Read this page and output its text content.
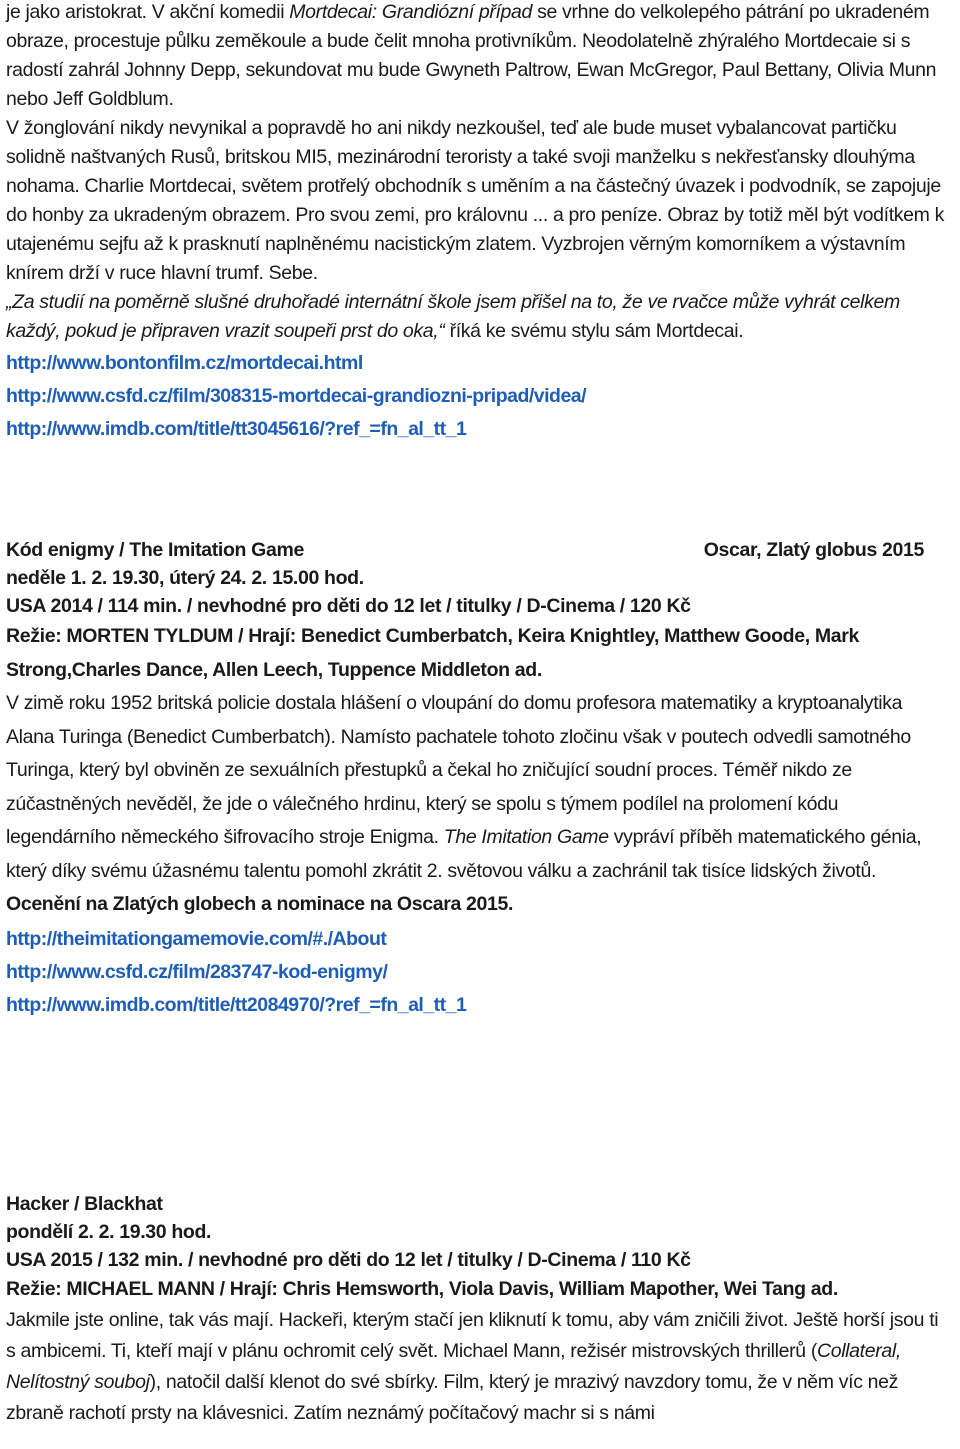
je jako aristokrat. V akční komedii Mortdecai: Grandiózní případ se vrhne do velkolepého pátrání po ukradeném obraze, procestuje půlku zeměkoule a bude čelit mnoha protivníkům. Neodolatelně zhýralého Mortdecaie si s radostí zahrál Johnny Depp, sekundovat mu bude Gwyneth Paltrow, Ewan McGregor, Paul Bettany, Olivia Munn nebo Jeff Goldblum.

V žonglování nikdy nevynikal a popravdě ho ani nikdy nezkoušel, teď ale bude muset vybalancovat partičku solidně naštvaných Rusů, britskou MI5, mezinárodní teroristy a také svoji manželku s nekřesťansky dlouhýma nohama. Charlie Mortdecai, světem protřelý obchodník s uměním a na částečný úvazek i podvodník, se zapojuje do honby za ukradeným obrazem. Pro svou zemi, pro královnu ... a pro peníze. Obraz by totiž měl být vodítkem k utajenému sejfu až k prasknutí naplněnému nacistickým zlatem. Vyzbrojen věrným komorníkem a výstavním knírem drží v ruce hlavní trumf. Sebe.

„Za studií na poměrně slušné druhořadé internátní škole jsem přišel na to, že ve rvačce může vyhrát celkem každý, pokud je připraven vrazit soupeři prst do oka,“ říká ke svému stylu sám Mortdecai.

http://www.bontonfilm.cz/mortdecai.html
http://www.csfd.cz/film/308315-mortdecai-grandiozni-pripad/videa/
http://www.imdb.com/title/tt3045616/?ref_=fn_al_tt_1
Kód enigmy / The Imitation Game	Oscar, Zlatý globus 2015
neděle 1. 2. 19.30, úterý 24. 2. 15.00 hod.
USA 2014 / 114 min. / nevhodné pro děti do 12 let / titulky / D-Cinema / 120 Kč
Režie: MORTEN TYLDUM / Hrají: Benedict Cumberbatch, Keira Knightley, Matthew Goode, Mark Strong,Charles Dance, Allen Leech, Tuppence Middleton ad.

V zimě roku 1952 britská policie dostala hlášení o vloupání do domu profesora matematiky a kryptoanalytika Alana Turinga (Benedict Cumberbatch). Namísto pachatele tohoto zločinu však v poutech odvedli samotného Turinga, který byl obviněn ze sexuálních přestupků a čekal ho zničující soudní proces. Téměř nikdo ze zúčastněných nevěděl, že jde o válečného hrdinu, který se spolu s týmem podílel na prolomení kódu legendárního německého šifrovacího stroje Enigma. The Imitation Game vypráví příběh matematického génia, který díky svému úžasnému talentu pomohl zkrátit 2. světovou válku a zachránil tak tisíce lidských životů. Ocenění na Zlatých globech a nominace na Oscara 2015.

http://theimitationgamemovie.com/#./About
http://www.csfd.cz/film/283747-kod-enigmy/
http://www.imdb.com/title/tt2084970/?ref_=fn_al_tt_1
Hacker / Blackhat
pondělí 2. 2. 19.30 hod.
USA 2015 / 132 min. / nevhodné pro děti do 12 let / titulky / D-Cinema / 110 Kč
Režie: MICHAEL MANN / Hrají: Chris Hemsworth, Viola Davis, William Mapother, Wei Tang ad.

Jakmile jste online, tak vás mají. Hackeři, kterým stačí jen kliknutí k tomu, aby vám zničili život. Ještě horší jsou ti s ambicemi. Ti, kteří mají v plánu ochromit celý svět. Michael Mann, režisér mistrovských thrillerů (Collateral, Nelítostný souboj), natočil další klenot do své sbírky. Film, který je mrazivý navzdory tomu, že v něm víc než zbraně rachotí prsty na klávesnici. Zatím neznámý počítačový machr si s námi
